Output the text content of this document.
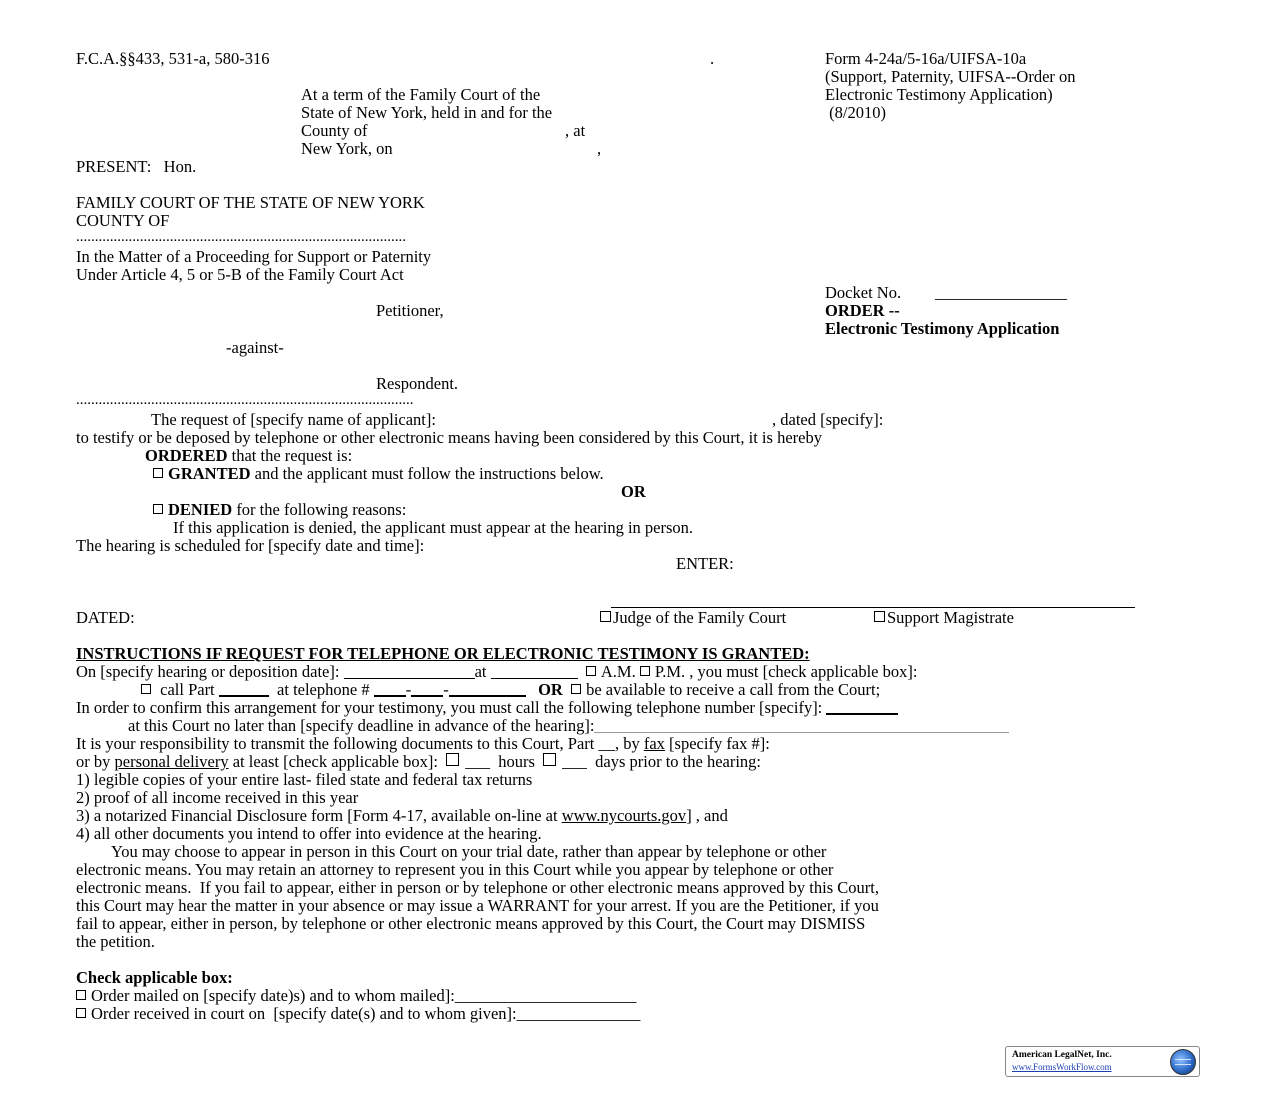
F.C.A.§§433, 531-a, 580-316	.	Form 4-24a/5-16a/UIFSA-10a
(Support, Paternity, UIFSA--Order on
Electronic Testimony Application)
(8/2010)
At a term of the Family Court of the
State of New York, held in and for the
County of	, at
New York, on	,
PRESENT:   Hon.
FAMILY COURT OF THE STATE OF NEW YORK
COUNTY OF
........................................................................................
In the Matter of a Proceeding for Support or Paternity
Under Article 4, 5 or 5-B of the Family Court Act
Docket No. ________________
Petitioner,	ORDER --
Electronic Testimony Application
-against-
Respondent.
..........................................................................................
The request of [specify name of applicant]:	, dated [specify]:
to testify or be deposed by telephone or other electronic means having been considered by this Court, it is hereby
ORDERED that the request is:
GRANTED and the applicant must follow the instructions below.
OR
DENIED for the following reasons:
If this application is denied, the applicant must appear at the hearing in person.
The hearing is scheduled for [specify date and time]:
ENTER:
DATED:	Judge of the Family Court	Support Magistrate
INSTRUCTIONS IF REQUEST FOR TELEPHONE OR ELECTRONIC TESTIMONY IS GRANTED:
On [specify hearing or deposition date]:	at	A.M. P.M. , you must [check applicable box]:
call Part	at telephone # - -	OR be available to receive a call from the Court;
In order to confirm this arrangement for your testimony, you must call the following telephone number [specify]:
at this Court no later than [specify deadline in advance of the hearing]:
It is your responsibility to transmit the following documents to this Court, Part __, by fax [specify fax #]:
or by personal delivery at least [check applicable box]: ___  hours ___  days prior to the hearing:
1) legible copies of your entire last- filed state and federal tax returns
2) proof of all income received in this year
3) a notarized Financial Disclosure form [Form 4-17, available on-line at www.nycourts.gov] , and
4) all other documents you intend to offer into evidence at the hearing.
You may choose to appear in person in this Court on your trial date, rather than appear by telephone or other
electronic means. You may retain an attorney to represent you in this Court while you appear by telephone or other
electronic means.  If you fail to appear, either in person or by telephone or other electronic means approved by this Court,
this Court may hear the matter in your absence or may issue a WARRANT for your arrest. If you are the Petitioner, if you
fail to appear, either in person, by telephone or other electronic means approved by this Court, the Court may DISMISS
the petition.
Check applicable box:
Order mailed on [specify date)s) and to whom mailed]:______________________
Order received in court on  [specify date(s) and to whom given]:_______________
American LegalNet, Inc.
www.FormsWorkFlow.com
